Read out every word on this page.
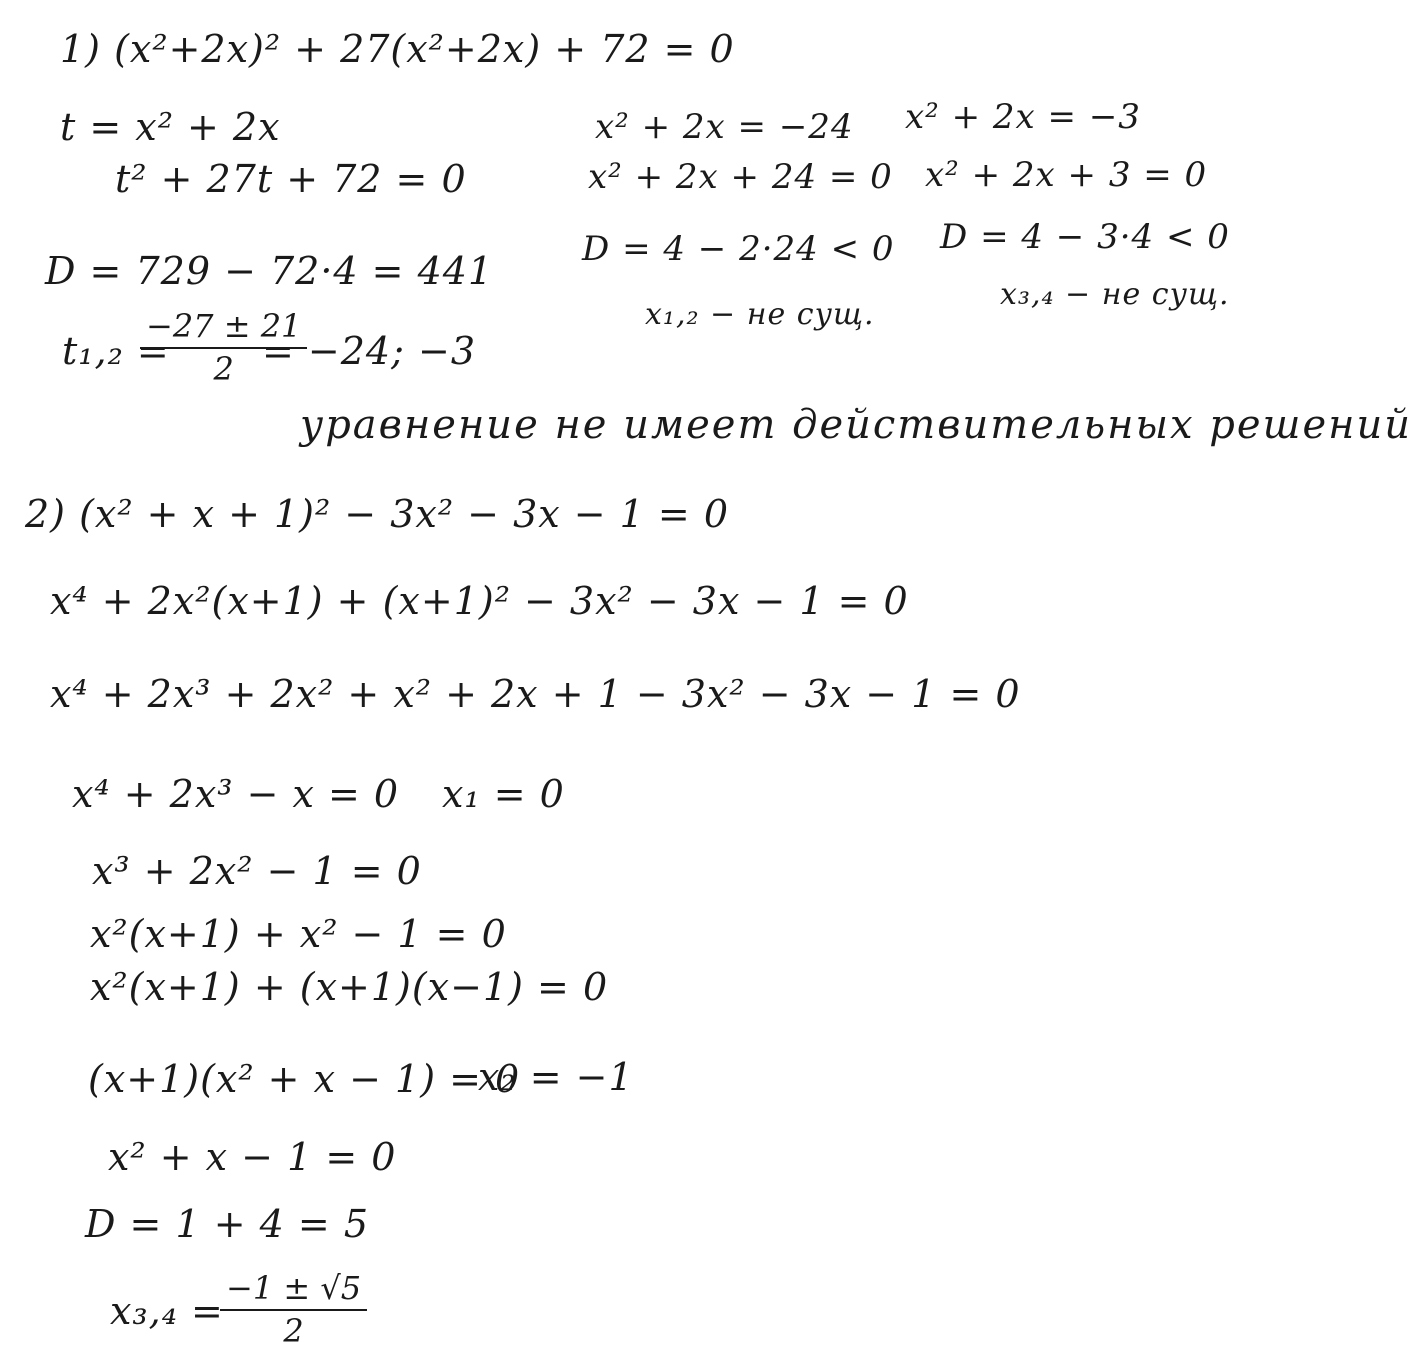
1) (x²+2x)² + 27(x²+2x) + 72 = 0
t = x² + 2x
t² + 27t + 72 = 0
D = 729 − 72·4 = 441
t₁,₂ =
$\frac{-27 \pm 21}{2}$
= −24; −3
x² + 2x = −24
x² + 2x + 24 = 0
D = 4 − 2·24 < 0
x₁,₂ − не сущ.
x² + 2x = −3
x² + 2x + 3 = 0
D = 4 − 3·4 < 0
x₃,₄ − не сущ.
уравнение не имеет действительных решений
2) (x² + x + 1)² − 3x² − 3x − 1 = 0
x⁴ + 2x²(x+1) + (x+1)² − 3x² − 3x − 1 = 0
x⁴ + 2x³ + 2x² + x² + 2x + 1 − 3x² − 3x − 1 = 0
x⁴ + 2x³ − x = 0 x₁ = 0
x³ + 2x² − 1 = 0
x²(x+1) + x² − 1 = 0
x²(x+1) + (x+1)(x−1) = 0
(x+1)(x² + x − 1) = 0
x₂ = −1
x² + x − 1 = 0
D = 1 + 4 = 5
x₃,₄ =
$\frac{-1 \pm √5}{2}$
